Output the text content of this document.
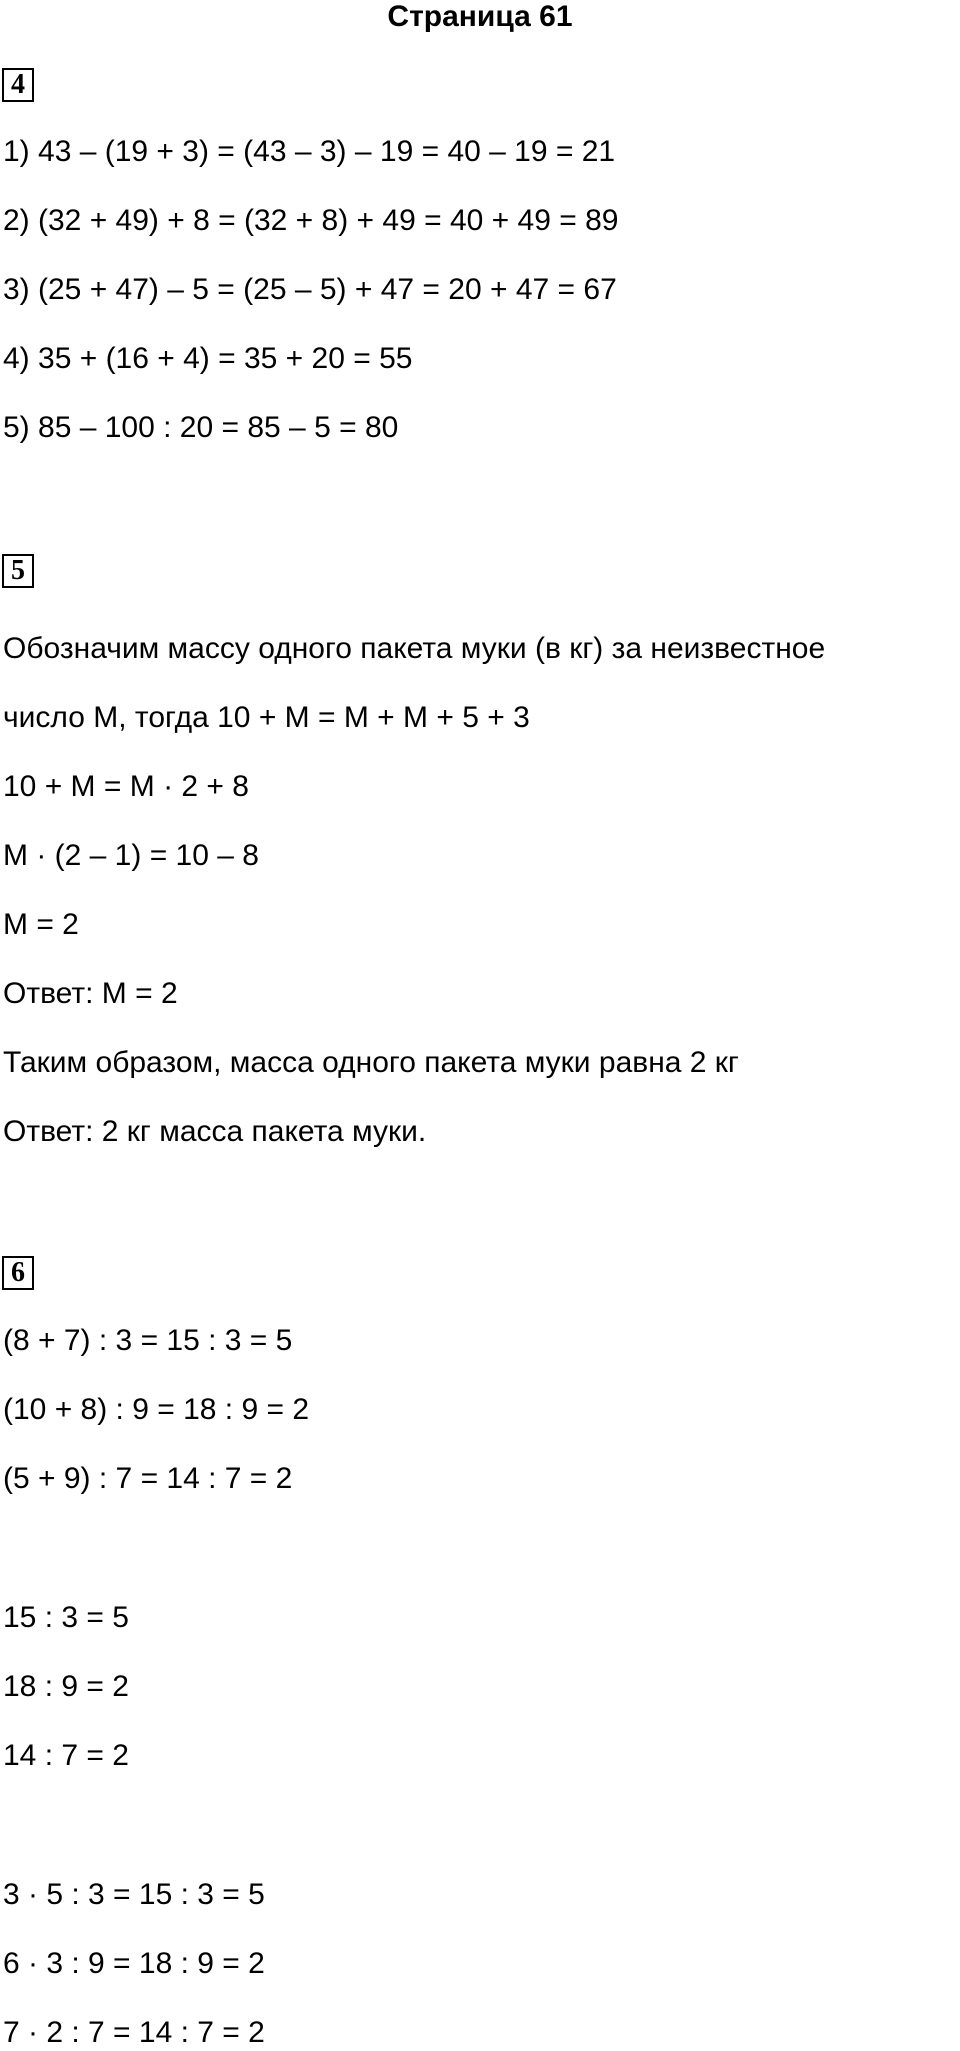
Страница 61
4
1) 43 – (19 + 3) = (43 – 3) – 19 = 40 – 19 = 21
2) (32 + 49) + 8 = (32 + 8) + 49 = 40 + 49 = 89
3) (25 + 47) – 5 = (25 – 5) + 47 = 20 + 47 = 67
4) 35 + (16 + 4) = 35 + 20 = 55
5) 85 – 100 : 20 = 85 – 5 = 80
5
Обозначим массу одного пакета муки (в кг) за неизвестное
число М, тогда 10 + М = М + М + 5 + 3
10 + М = М · 2 + 8
М · (2 – 1) = 10 – 8
М = 2
Ответ: М = 2
Таким образом, масса одного пакета муки равна 2 кг
Ответ: 2 кг масса пакета муки.
6
(8 + 7) : 3 = 15 : 3 = 5
(10 + 8) : 9 = 18 : 9 = 2
(5 + 9) : 7 = 14 : 7 = 2
15 : 3 = 5
18 : 9 = 2
14 : 7 = 2
3 · 5 : 3 = 15 : 3 = 5
6 · 3 : 9 = 18 : 9 = 2
7 · 2 : 7 = 14 : 7 = 2
